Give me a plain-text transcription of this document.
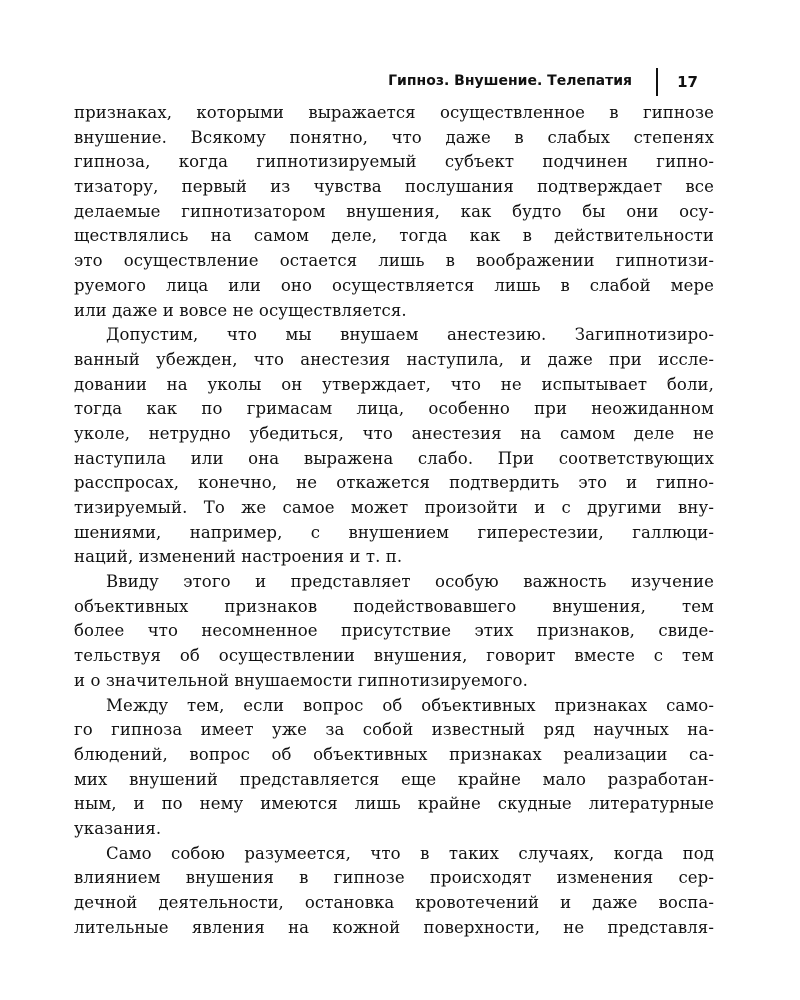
Гипноз. Внушение. Телепатия	17
признаках, которыми выражается осуществленное в гипнозе
внушение. Всякому понятно, что даже в слабых степенях
гипноза, когда гипнотизируемый субъект подчинен гипно-
тизатору, первый из чувства послушания подтверждает все
делаемые гипнотизатором внушения, как будто бы они осу-
ществлялись на самом деле, тогда как в действительности
это осуществление остается лишь в воображении гипнотизи-
руемого лица или оно осуществляется лишь в слабой мере
или даже и вовсе не осуществляется.
Допустим, что мы внушаем анестезию. Загипнотизиро-
ванный убежден, что анестезия наступила, и даже при иссле-
довании на уколы он утверждает, что не испытывает боли,
тогда как по гримасам лица, особенно при неожиданном
уколе, нетрудно убедиться, что анестезия на самом деле не
наступила или она выражена слабо. При соответствующих
расспросах, конечно, не откажется подтвердить это и гипно-
тизируемый. То же самое может произойти и с другими вну-
шениями, например, с внушением гиперестезии, галлюци-
наций, изменений настроения и т. п.
Ввиду этого и представляет особую важность изучение
объективных признаков подействовавшего внушения, тем
более что несомненное присутствие этих признаков, свиде-
тельствуя об осуществлении внушения, говорит вместе с тем
и о значительной внушаемости гипнотизируемого.
Между тем, если вопрос об объективных признаках само-
го гипноза имеет уже за собой известный ряд научных на-
блюдений, вопрос об объективных признаках реализации са-
мих внушений представляется еще крайне мало разработан-
ным, и по нему имеются лишь крайне скудные литературные
указания.
Само собою разумеется, что в таких случаях, когда под
влиянием внушения в гипнозе происходят изменения сер-
дечной деятельности, остановка кровотечений и даже воспа-
лительные явления на кожной поверхности, не представля-
